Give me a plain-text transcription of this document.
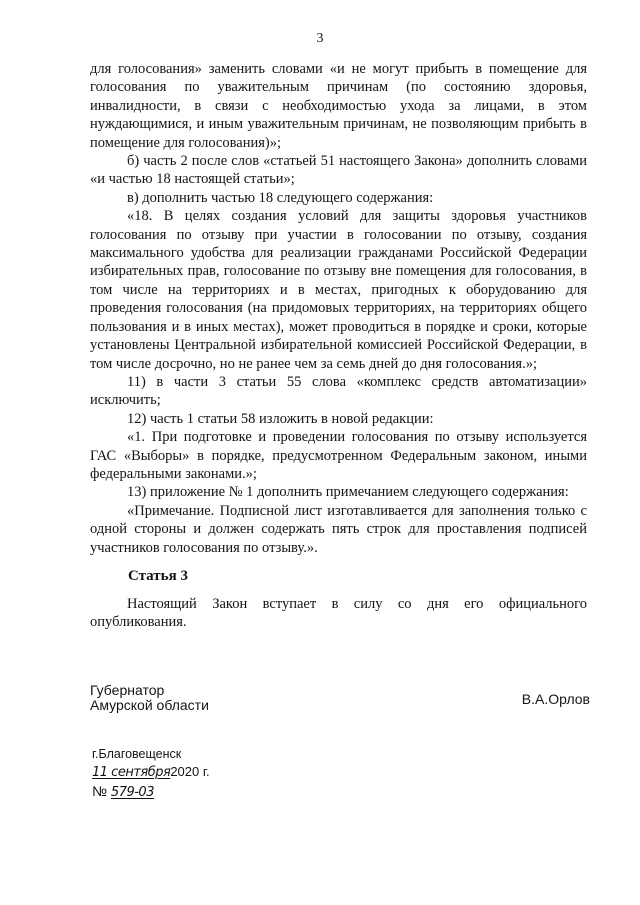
3

для голосования» заменить словами «и не могут прибыть в помещение для голосования по уважительным причинам (по состоянию здоровья, инвалидности, в связи с необходимостью ухода за лицами, в этом нуждающимися, и иным уважительным причинам, не позволяющим прибыть в помещение для голосования)»;

б) часть 2 после слов «статьей 51 настоящего Закона» дополнить словами «и частью 18 настоящей статьи»;

в) дополнить частью 18 следующего содержания:

«18. В целях создания условий для защиты здоровья участников голосования по отзыву при участии в голосовании по отзыву, создания максимального удобства для реализации гражданами Российской Федерации избирательных прав, голосование по отзыву вне помещения для голосования, в том числе на территориях и в местах, пригодных к оборудованию для проведения голосования (на придомовых территориях, на территориях общего пользования и в иных местах), может проводиться в порядке и сроки, которые установлены Центральной избирательной комиссией Российской Федерации, в том числе досрочно, но не ранее чем за семь дней до дня голосования.»;

11) в части 3 статьи 55 слова «комплекс средств автоматизации» исключить;

12) часть 1 статьи 58 изложить в новой редакции:

«1. При подготовке и проведении голосования по отзыву используется ГАС «Выборы» в порядке, предусмотренном Федеральным законом, иными федеральными законами.»;

13) приложение № 1 дополнить примечанием следующего содержания:

«Примечание. Подписной лист изготавливается для заполнения только с одной стороны и должен содержать пять строк для проставления подписей участников голосования по отзыву.».

Статья 3

Настоящий Закон вступает в силу со дня его официального опубликования.

Губернатор
Амурской области	В.А.Орлов
г.Благовещенск
11 сентября2020 г.
№ 579-03
